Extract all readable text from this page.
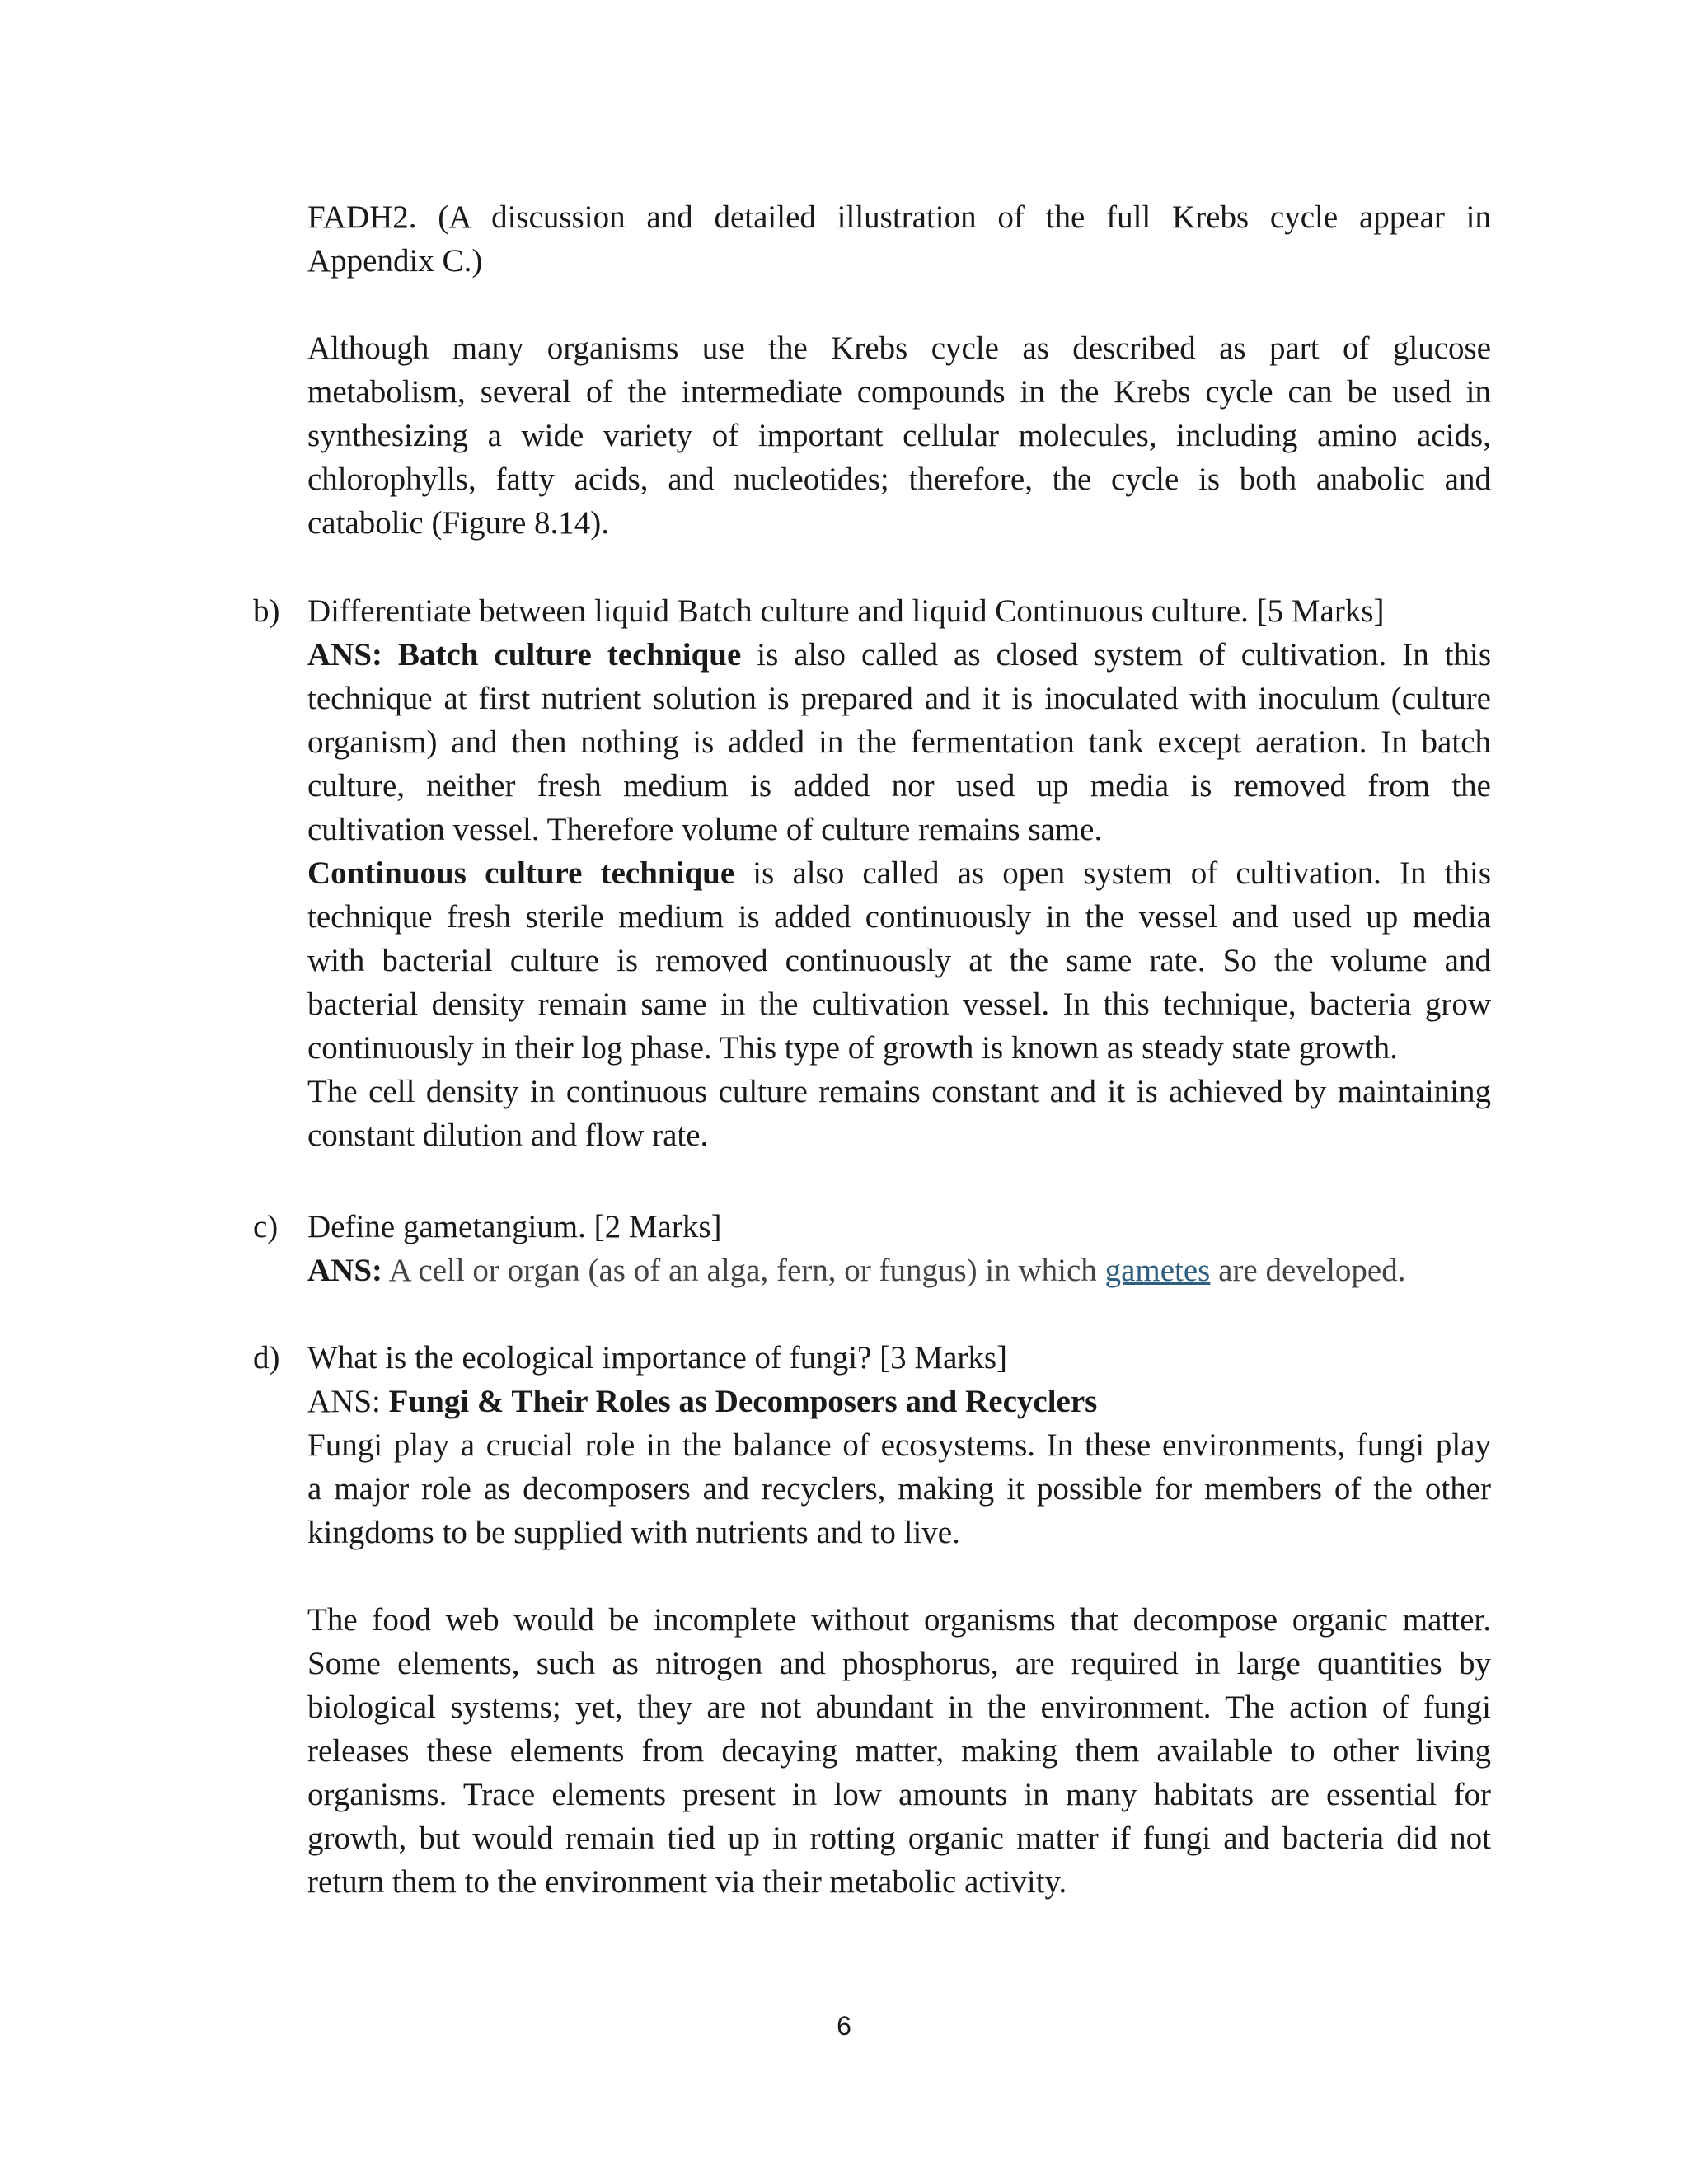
FADH2. (A discussion and detailed illustration of the full Krebs cycle appear in
Appendix C.)
Although many organisms use the Krebs cycle as described as part of glucose
metabolism, several of the intermediate compounds in the Krebs cycle can be used in
synthesizing a wide variety of important cellular molecules, including amino acids,
chlorophylls, fatty acids, and nucleotides; therefore, the cycle is both anabolic and
catabolic (Figure 8.14).
b) Differentiate between liquid Batch culture and liquid Continuous culture. [5 Marks]
ANS: Batch culture technique is also called as closed system of cultivation. In this
technique at first nutrient solution is prepared and it is inoculated with inoculum (culture
organism) and then nothing is added in the fermentation tank except aeration. In batch
culture, neither fresh medium is added nor used up media is removed from the
cultivation vessel. Therefore volume of culture remains same.
Continuous culture technique is also called as open system of cultivation. In this
technique fresh sterile medium is added continuously in the vessel and used up media
with bacterial culture is removed continuously at the same rate. So the volume and
bacterial density remain same in the cultivation vessel. In this technique, bacteria grow
continuously in their log phase. This type of growth is known as steady state growth.
The cell density in continuous culture remains constant and it is achieved by maintaining
constant dilution and flow rate.
c) Define gametangium. [2 Marks]
ANS: A cell or organ (as of an alga, fern, or fungus) in which gametes are developed.
d) What is the ecological importance of fungi? [3 Marks]
ANS: Fungi & Their Roles as Decomposers and Recyclers
Fungi play a crucial role in the balance of ecosystems. In these environments, fungi play
a major role as decomposers and recyclers, making it possible for members of the other
kingdoms to be supplied with nutrients and to live.
The food web would be incomplete without organisms that decompose organic matter.
Some elements, such as nitrogen and phosphorus, are required in large quantities by
biological systems; yet, they are not abundant in the environment. The action of fungi
releases these elements from decaying matter, making them available to other living
organisms. Trace elements present in low amounts in many habitats are essential for
growth, but would remain tied up in rotting organic matter if fungi and bacteria did not
return them to the environment via their metabolic activity.
6
